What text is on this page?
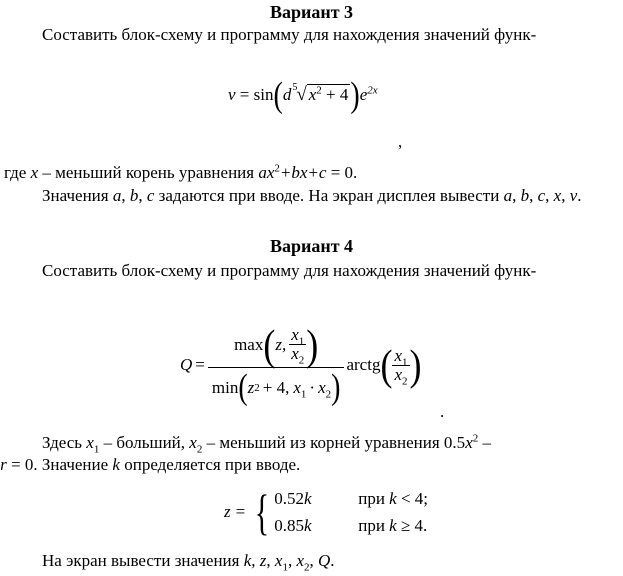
Вариант 3
Составить блок-схему и программу для нахождения значений функ-

v = sin(d 5 √ $x^2 + 4)e^{2x}$
,
где x – меньший корень уравнения $ax^2+bx+c = 0$.
Значения a, b, c задаются при вводе. На экран дисплея вывести a, b, c, x, v.
Вариант 4
Составить блок-схему и программу для нахождения значений функ-

Q =
max ( z, $\frac{x_1}{x_2}$ )
min ( z 2 + 4, $x_1 \cdot x_2$ )
arctg ( $\frac{x_1}{x_2}$ )
.
Здесь $x_1$ – больший, $x_2$ – меньший из корней уравнения $0.5x^2$ –
r = 0. Значение k определяется при вводе.
z = { 0.52k	при k < 4;
0.85k	при k ≥ 4.
На экран вывести значения k, z, $x_1$, $x_2$, Q.
